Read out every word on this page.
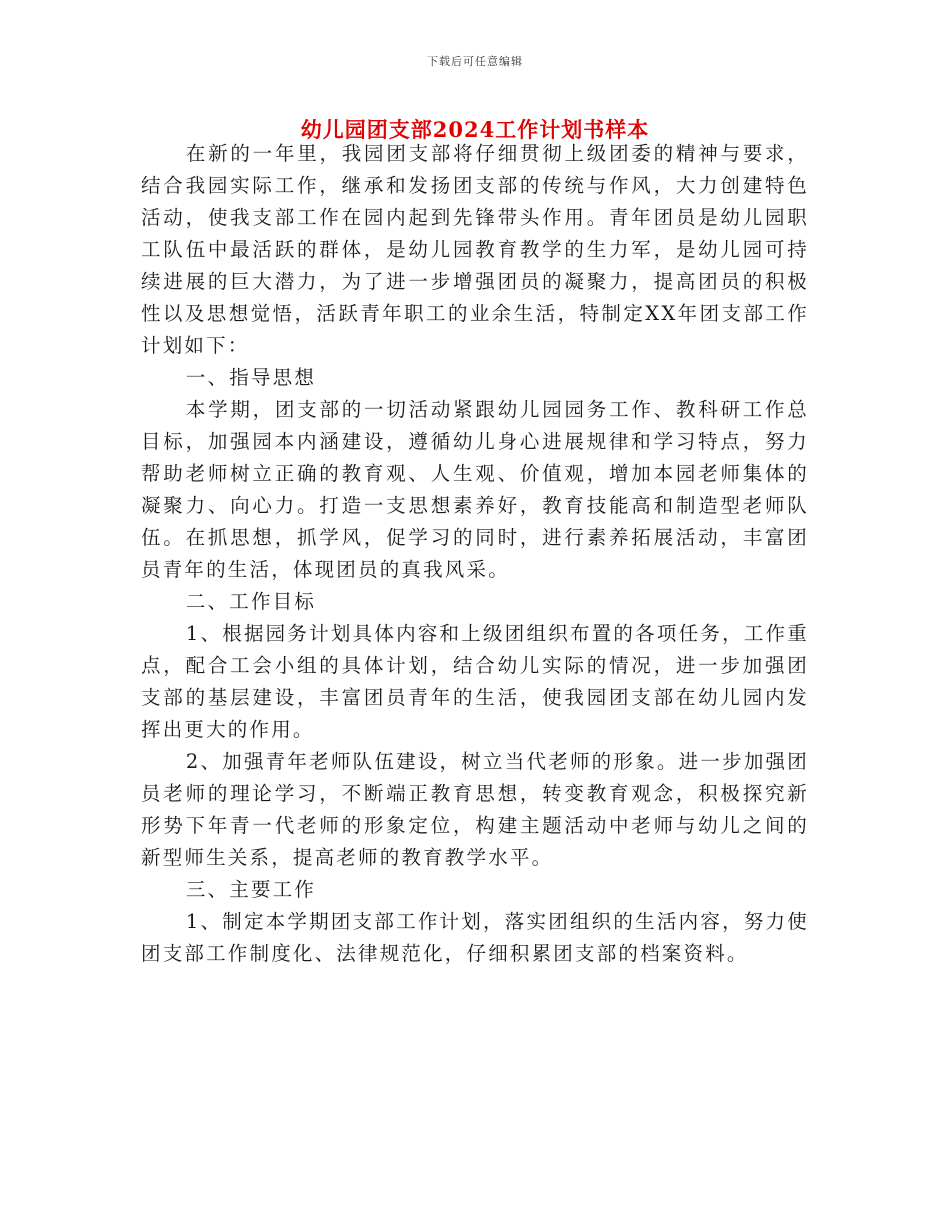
下载后可任意编辑
幼儿园团支部2024工作计划书样本

在新的一年里，我园团支部将仔细贯彻上级团委的精神与要求，结合我园实际工作，继承和发扬团支部的传统与作风，大力创建特色活动，使我支部工作在园内起到先锋带头作用。青年团员是幼儿园职工队伍中最活跃的群体，是幼儿园教育教学的生力军，是幼儿园可持续进展的巨大潜力，为了进一步增强团员的凝聚力，提高团员的积极性以及思想觉悟，活跃青年职工的业余生活，特制定XX年团支部工作计划如下：

一、指导思想

本学期，团支部的一切活动紧跟幼儿园园务工作、教科研工作总目标，加强园本内涵建设，遵循幼儿身心进展规律和学习特点，努力帮助老师树立正确的教育观、人生观、价值观，增加本园老师集体的凝聚力、向心力。打造一支思想素养好，教育技能高和制造型老师队伍。在抓思想，抓学风，促学习的同时，进行素养拓展活动，丰富团员青年的生活，体现团员的真我风采。

二、工作目标

1、根据园务计划具体内容和上级团组织布置的各项任务，工作重点，配合工会小组的具体计划，结合幼儿实际的情况，进一步加强团支部的基层建设，丰富团员青年的生活，使我园团支部在幼儿园内发挥出更大的作用。

2、加强青年老师队伍建设，树立当代老师的形象。进一步加强团员老师的理论学习，不断端正教育思想，转变教育观念，积极探究新形势下年青一代老师的形象定位，构建主题活动中老师与幼儿之间的新型师生关系，提高老师的教育教学水平。

三、主要工作

1、制定本学期团支部工作计划，落实团组织的生活内容，努力使团支部工作制度化、法律规范化，仔细积累团支部的档案资料。
